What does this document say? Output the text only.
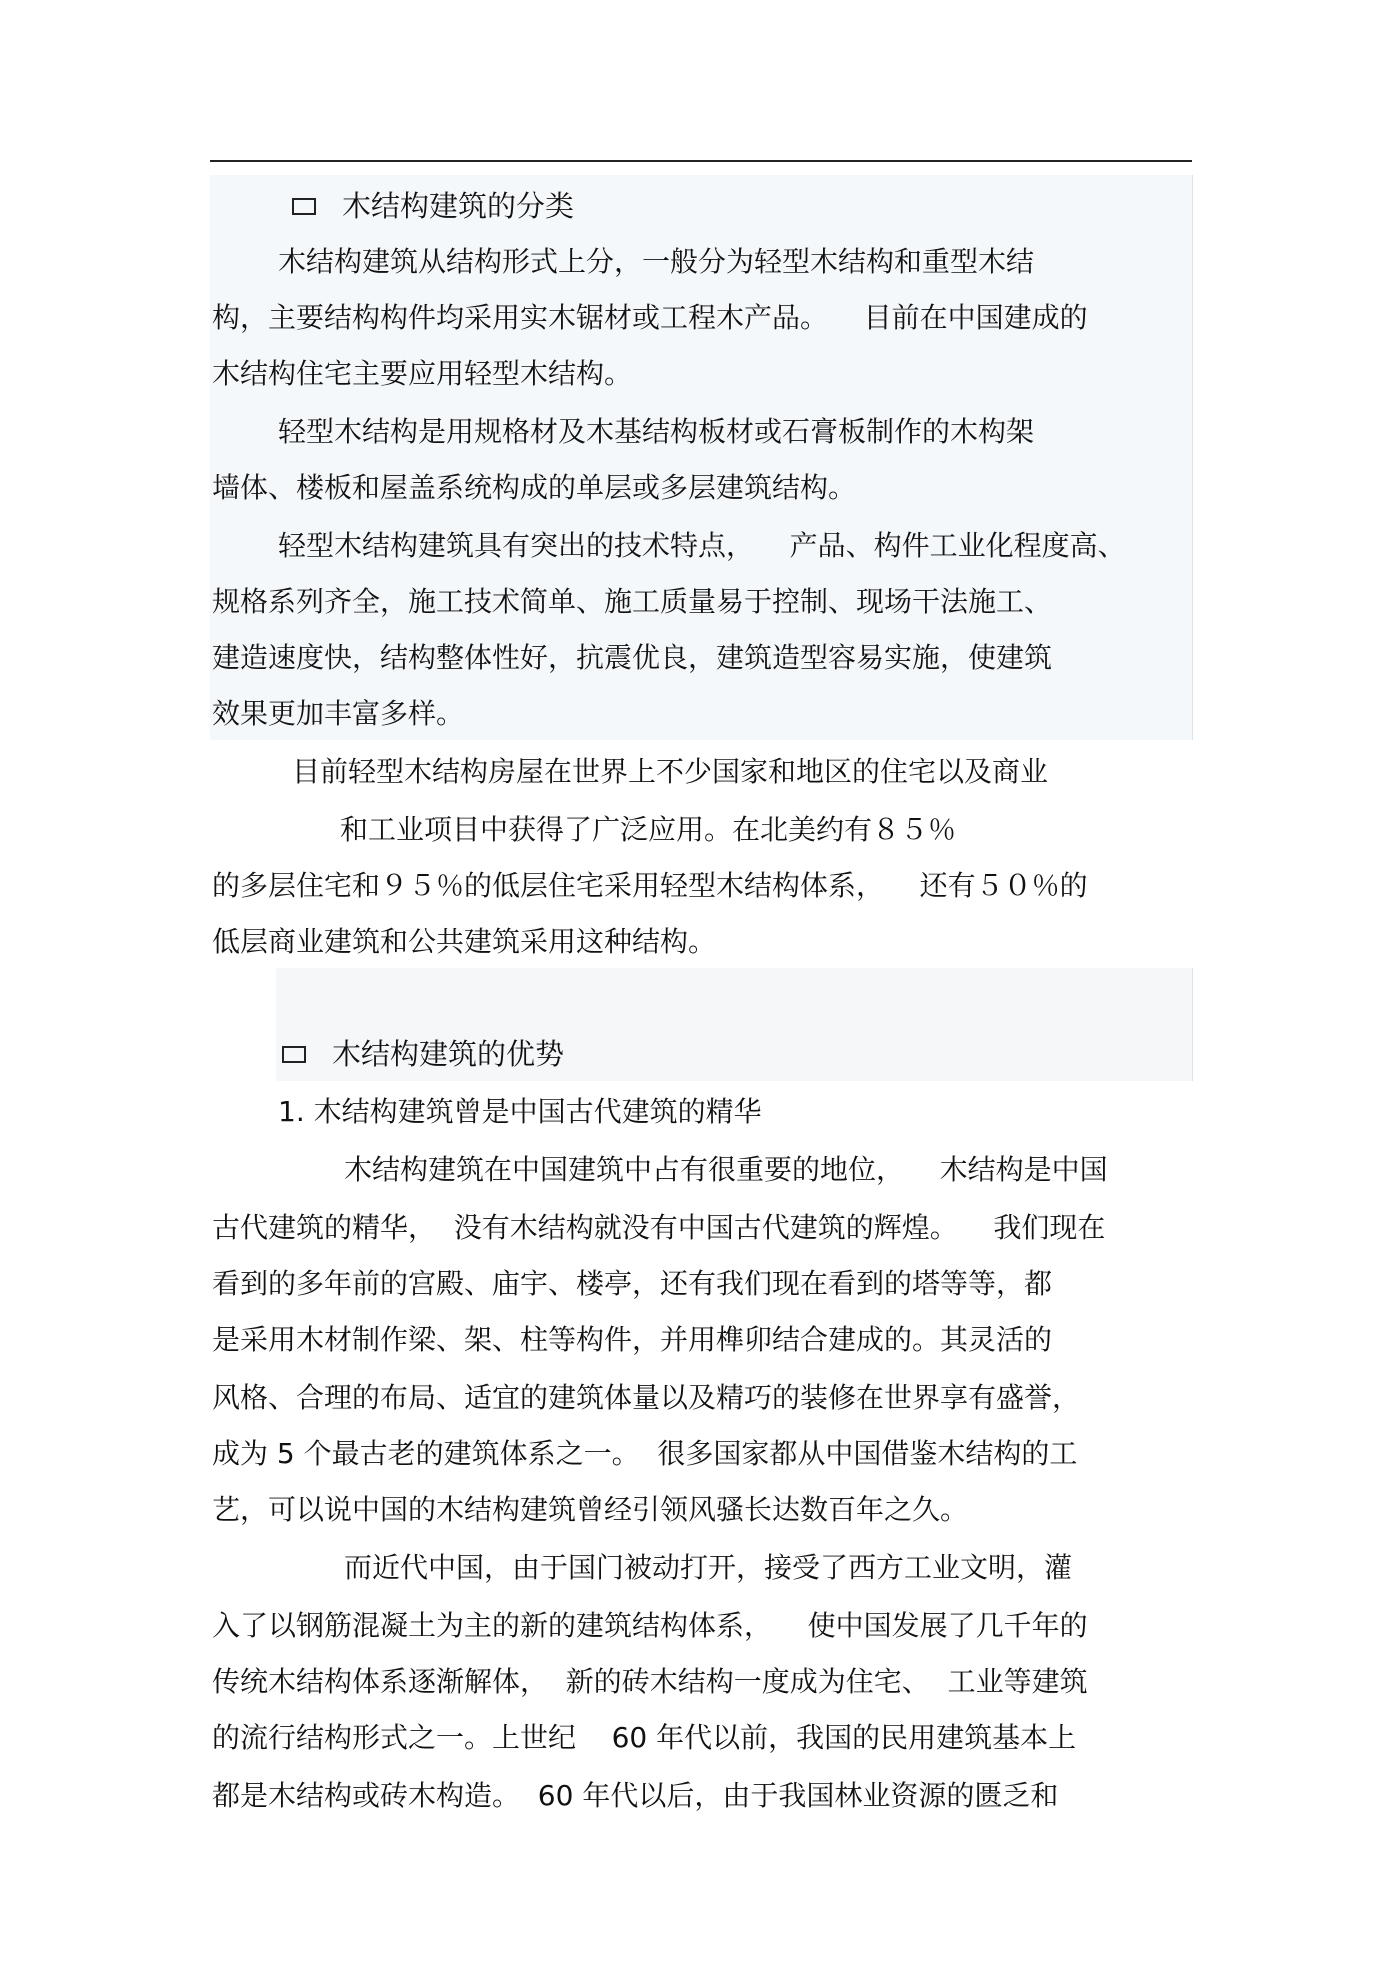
木结构建筑的分类

木结构建筑从结构形式上分，一般分为轻型木结构和重型木结

构，主要结构构件均采用实木锯材或工程木产品。    目前在中国建成的

木结构住宅主要应用轻型木结构。

轻型木结构是用规格材及木基结构板材或石膏板制作的木构架

墙体、楼板和屋盖系统构成的单层或多层建筑结构。

轻型木结构建筑具有突出的技术特点，    产品、构件工业化程度高、

规格系列齐全，施工技术简单、施工质量易于控制、现场干法施工、

建造速度快，结构整体性好，抗震优良，建筑造型容易实施，使建筑

效果更加丰富多样。

目前轻型木结构房屋在世界上不少国家和地区的住宅以及商业

和工业项目中获得了广泛应用。在北美约有８５％

的多层住宅和９５％的低层住宅采用轻型木结构体系，    还有５０％的

低层商业建筑和公共建筑采用这种结构。

木结构建筑的优势

1. 木结构建筑曾是中国古代建筑的精华

木结构建筑在中国建筑中占有很重要的地位，    木结构是中国

古代建筑的精华，  没有木结构就没有中国古代建筑的辉煌。    我们现在

看到的多年前的宫殿、庙宇、楼亭，还有我们现在看到的塔等等，都

是采用木材制作梁、架、柱等构件，并用榫卯结合建成的。其灵活的

风格、合理的布局、适宜的建筑体量以及精巧的装修在世界享有盛誉，

成为 5 个最古老的建筑体系之一。  很多国家都从中国借鉴木结构的工

艺，可以说中国的木结构建筑曾经引领风骚长达数百年之久。

而近代中国，由于国门被动打开，接受了西方工业文明，灌

入了以钢筋混凝土为主的新的建筑结构体系，    使中国发展了几千年的

传统木结构体系逐渐解体，  新的砖木结构一度成为住宅、  工业等建筑

的流行结构形式之一。上世纪    60 年代以前，我国的民用建筑基本上

都是木结构或砖木构造。  60 年代以后，由于我国林业资源的匮乏和
